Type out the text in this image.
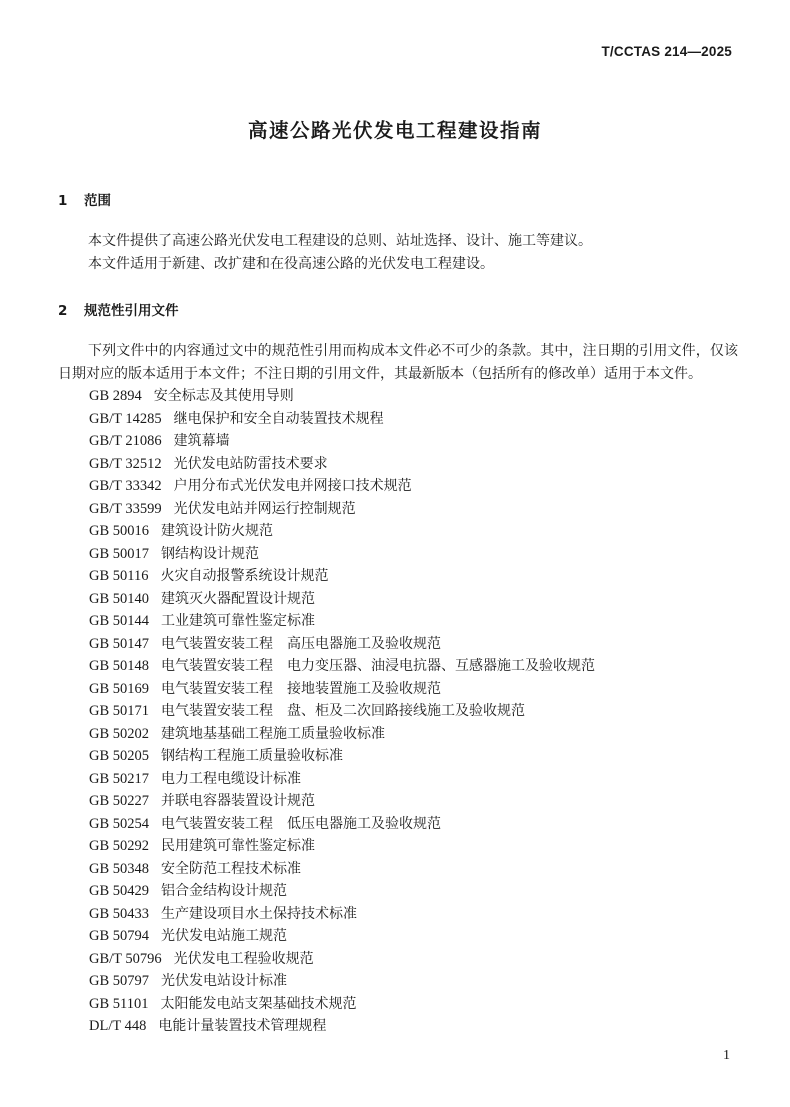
T/CCTAS 214—2025
高速公路光伏发电工程建设指南
1 范围

本文件提供了高速公路光伏发电工程建设的总则、站址选择、设计、施工等建议。

本文件适用于新建、改扩建和在役高速公路的光伏发电工程建设。

2 规范性引用文件

下列文件中的内容通过文中的规范性引用而构成本文件必不可少的条款。其中，注日期的引用文件，仅该日期对应的版本适用于本文件；不注日期的引用文件，其最新版本（包括所有的修改单）适用于本文件。

GB 2894 安全标志及其使用导则
GB/T 14285 继电保护和安全自动装置技术规程
GB/T 21086 建筑幕墙
GB/T 32512 光伏发电站防雷技术要求
GB/T 33342 户用分布式光伏发电并网接口技术规范
GB/T 33599 光伏发电站并网运行控制规范
GB 50016 建筑设计防火规范
GB 50017 钢结构设计规范
GB 50116 火灾自动报警系统设计规范
GB 50140 建筑灭火器配置设计规范
GB 50144 工业建筑可靠性鉴定标准
GB 50147 电气装置安装工程　高压电器施工及验收规范
GB 50148 电气装置安装工程　电力变压器、油浸电抗器、互感器施工及验收规范
GB 50169 电气装置安装工程　接地装置施工及验收规范
GB 50171 电气装置安装工程　盘、柜及二次回路接线施工及验收规范
GB 50202 建筑地基基础工程施工质量验收标准
GB 50205 钢结构工程施工质量验收标准
GB 50217 电力工程电缆设计标准
GB 50227 并联电容器装置设计规范
GB 50254 电气装置安装工程　低压电器施工及验收规范
GB 50292 民用建筑可靠性鉴定标准
GB 50348 安全防范工程技术标准
GB 50429 铝合金结构设计规范
GB 50433 生产建设项目水土保持技术标准
GB 50794 光伏发电站施工规范
GB/T 50796 光伏发电工程验收规范
GB 50797 光伏发电站设计标准
GB 51101 太阳能发电站支架基础技术规范
DL/T 448 电能计量装置技术管理规程
1
